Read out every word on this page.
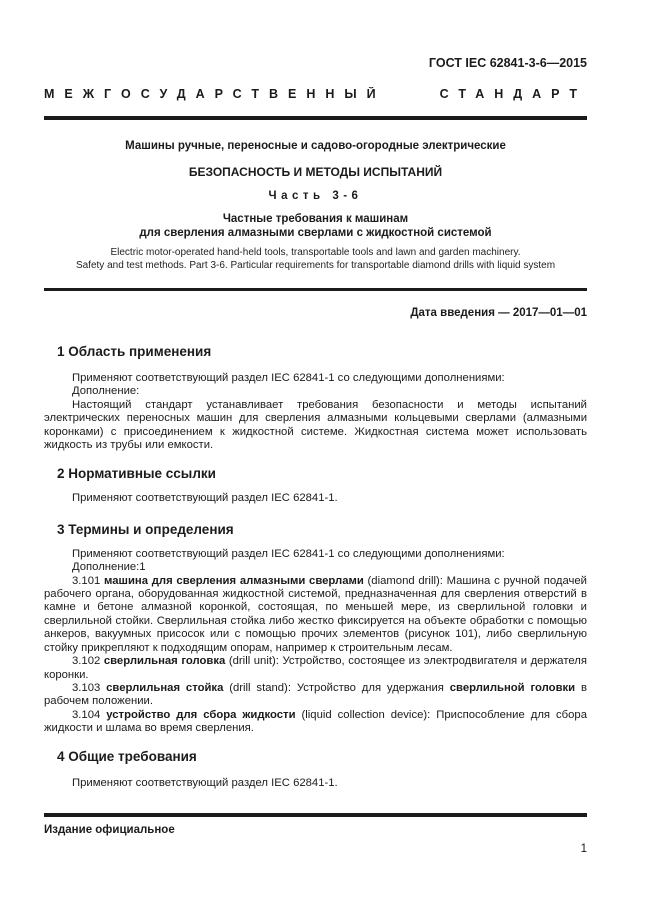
ГОСТ IEC 62841-3-6—2015
МЕЖГОСУДАРСТВЕННЫЙ СТАНДАРТ
Машины ручные, переносные и садово-огородные электрические
БЕЗОПАСНОСТЬ И МЕТОДЫ ИСПЫТАНИЙ
Часть 3-6
Частные требования к машинам
для сверления алмазными сверлами с жидкостной системой
Electric motor-operated hand-held tools, transportable tools and lawn and garden machinery.
Safety and test methods. Part 3-6. Particular requirements for transportable diamond drills with liquid system
Дата введения — 2017—01—01
1 Область применения

Применяют соответствующий раздел IEC 62841-1 со следующими дополнениями:

Дополнение:

Настоящий стандарт устанавливает требования безопасности и методы испытаний электрических переносных машин для сверления алмазными кольцевыми сверлами (алмазными коронками) с присоединением к жидкостной системе. Жидкостная система может использовать жидкость из трубы или емкости.

2 Нормативные ссылки

Применяют соответствующий раздел IEC 62841-1.

3 Термины и определения

Применяют соответствующий раздел IEC 62841-1 со следующими дополнениями:

Дополнение:1

3.101 машина для сверления алмазными сверлами (diamond drill): Машина с ручной подачей рабочего органа, оборудованная жидкостной системой, предназначенная для сверления отверстий в камне и бетоне алмазной коронкой, состоящая, по меньшей мере, из сверлильной головки и сверлильной стойки. Сверлильная стойка либо жестко фиксируется на объекте обработки с помощью анкеров, вакуумных присосок или с помощью прочих элементов (рисунок 101), либо сверлильную стойку прикрепляют к подходящим опорам, например к строительным лесам.

3.102 сверлильная головка (drill unit): Устройство, состоящее из электродвигателя и держателя коронки.

3.103 сверлильная стойка (drill stand): Устройство для удержания сверлильной головки в рабочем положении.

3.104 устройство для сбора жидкости (liquid collection device): Приспособление для сбора жидкости и шлама во время сверления.

4 Общие требования

Применяют соответствующий раздел IEC 62841-1.

Издание официальное
1
